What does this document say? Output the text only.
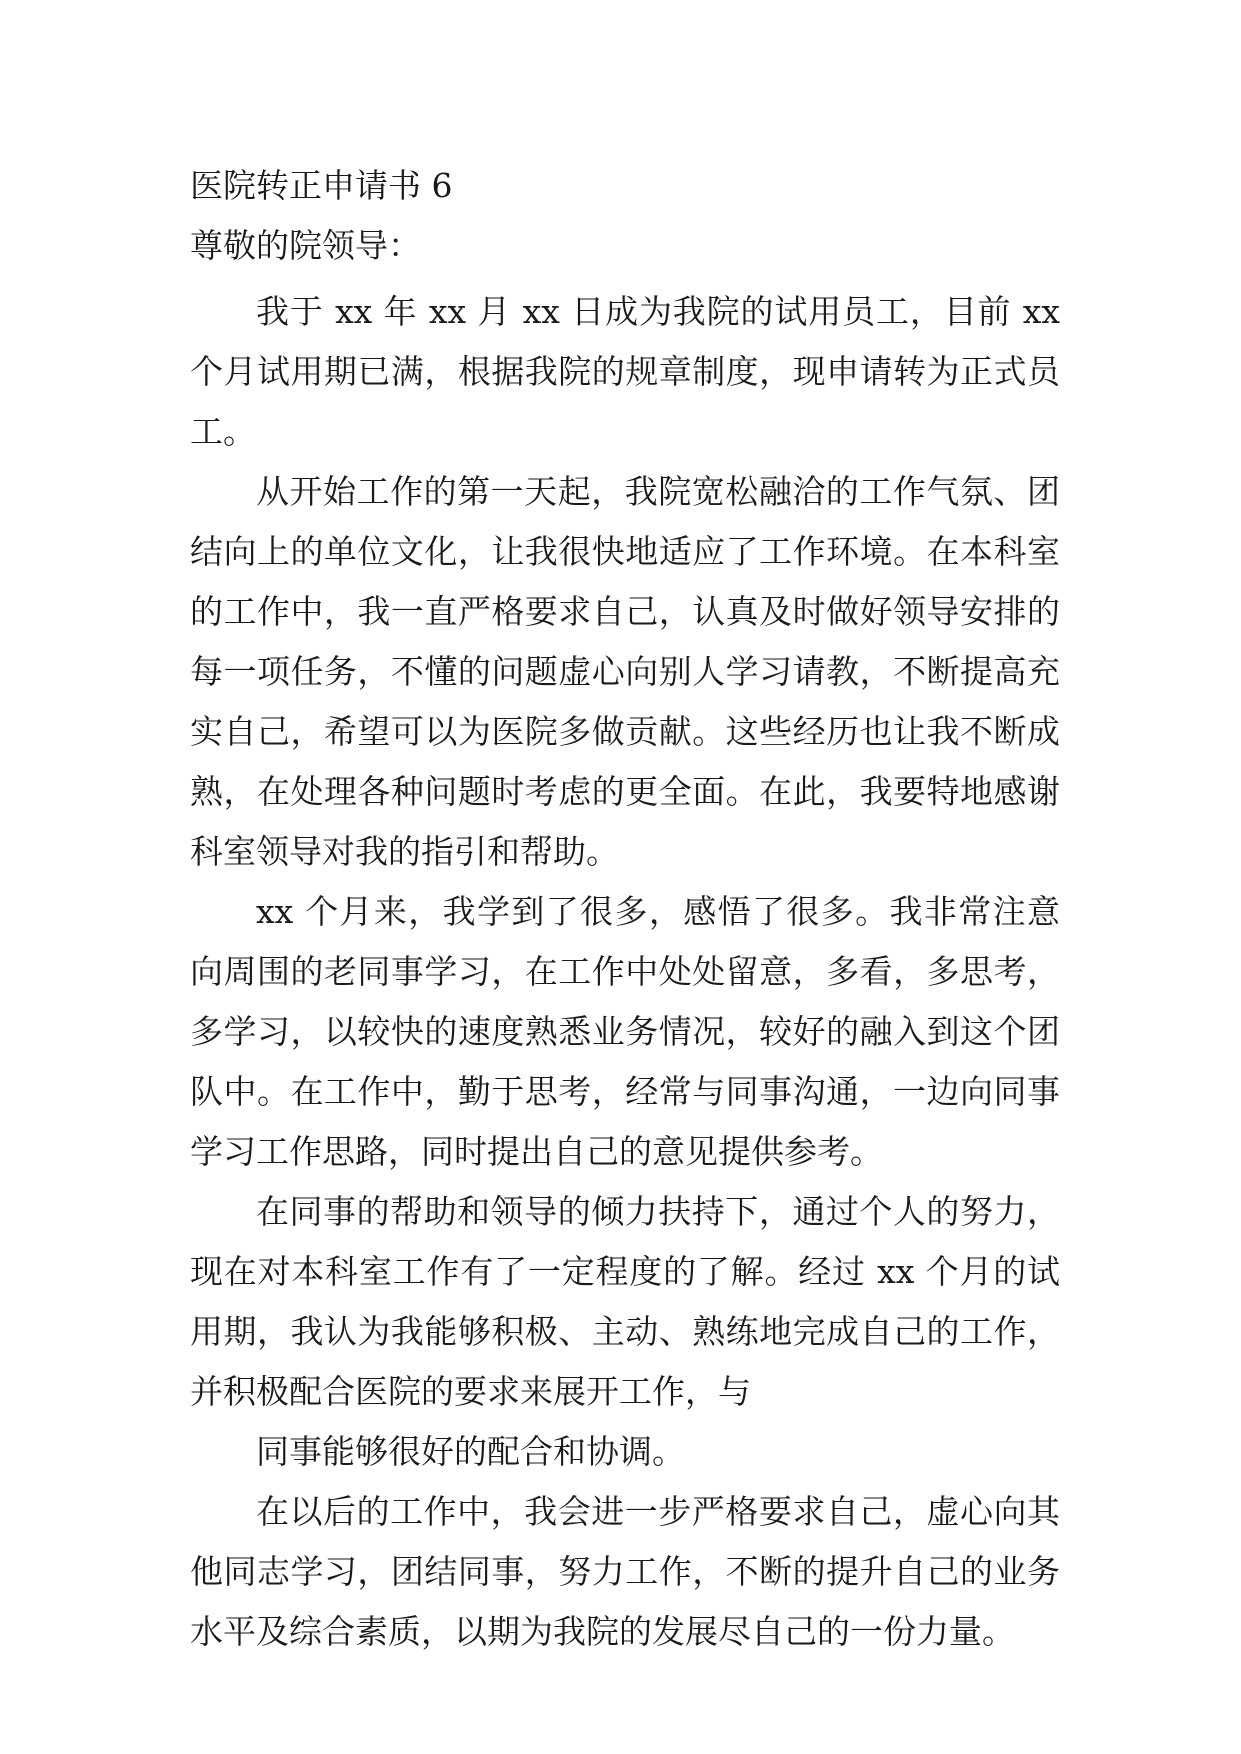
医院转正申请书 6

尊敬的院领导：

我于 xx 年 xx 月 xx 日成为我院的试用员工，目前 xx 个月试用期已满，根据我院的规章制度，现申请转为正式员工。

从开始工作的第一天起，我院宽松融洽的工作气氛、团结向上的单位文化，让我很快地适应了工作环境。在本科室的工作中，我一直严格要求自己，认真及时做好领导安排的每一项任务，不懂的问题虚心向别人学习请教，不断提高充实自己，希望可以为医院多做贡献。这些经历也让我不断成熟，在处理各种问题时考虑的更全面。在此，我要特地感谢科室领导对我的指引和帮助。

xx 个月来，我学到了很多，感悟了很多。我非常注意向周围的老同事学习，在工作中处处留意，多看，多思考，多学习，以较快的速度熟悉业务情况，较好的融入到这个团队中。在工作中，勤于思考，经常与同事沟通，一边向同事学习工作思路，同时提出自己的意见提供参考。

在同事的帮助和领导的倾力扶持下，通过个人的努力，现在对本科室工作有了一定程度的了解。经过 xx 个月的试用期，我认为我能够积极、主动、熟练地完成自己的工作，并积极配合医院的要求来展开工作，与

同事能够很好的配合和协调。

在以后的工作中，我会进一步严格要求自己，虚心向其他同志学习，团结同事，努力工作，不断的提升自己的业务水平及综合素质，以期为我院的发展尽自己的一份力量。
